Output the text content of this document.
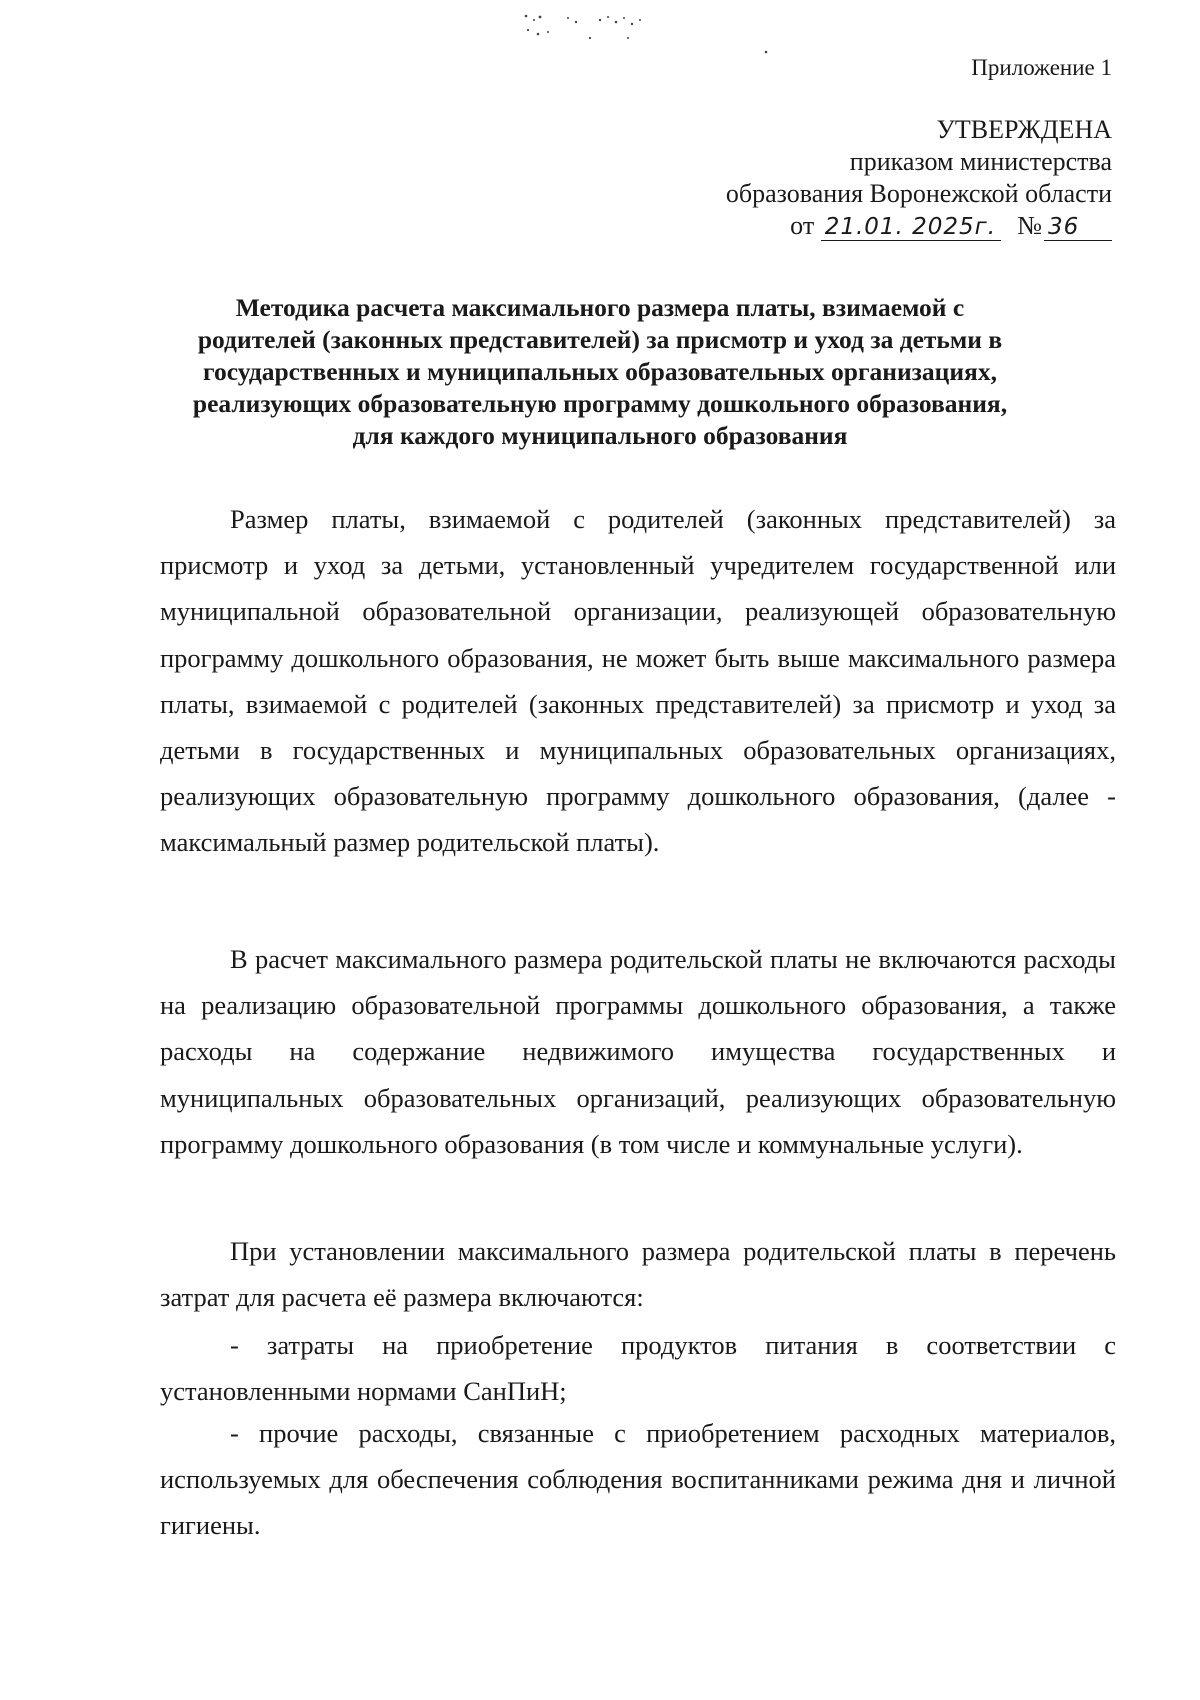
Приложение 1
УТВЕРЖДЕНА
приказом министерства
образования Воронежской области
от 21.01. 2025г. № 36
Методика расчета максимального размера платы, взимаемой с
родителей (законных представителей) за присмотр и уход за детьми в
государственных и муниципальных образовательных организациях,
реализующих образовательную программу дошкольного образования,
для каждого муниципального образования

Размер платы, взимаемой с родителей (законных представителей) за присмотр и уход за детьми, установленный учредителем государственной или муниципальной образовательной организации, реализующей образовательную программу дошкольного образования, не может быть выше максимального размера платы, взимаемой с родителей (законных представителей) за присмотр и уход за детьми в государственных и муниципальных образовательных организациях, реализующих образовательную программу дошкольного образования, (далее - максимальный размер родительской платы).

В расчет максимального размера родительской платы не включаются расходы на реализацию образовательной программы дошкольного образования, а также расходы на содержание недвижимого имущества государственных и муниципальных образовательных организаций, реализующих образовательную программу дошкольного образования (в том числе и коммунальные услуги).

При установлении максимального размера родительской платы в перечень затрат для расчета её размера включаются:

- затраты на приобретение продуктов питания в соответствии с установленными нормами СанПиН;

- прочие расходы, связанные с приобретением расходных материалов, используемых для обеспечения соблюдения воспитанниками режима дня и личной гигиены.
